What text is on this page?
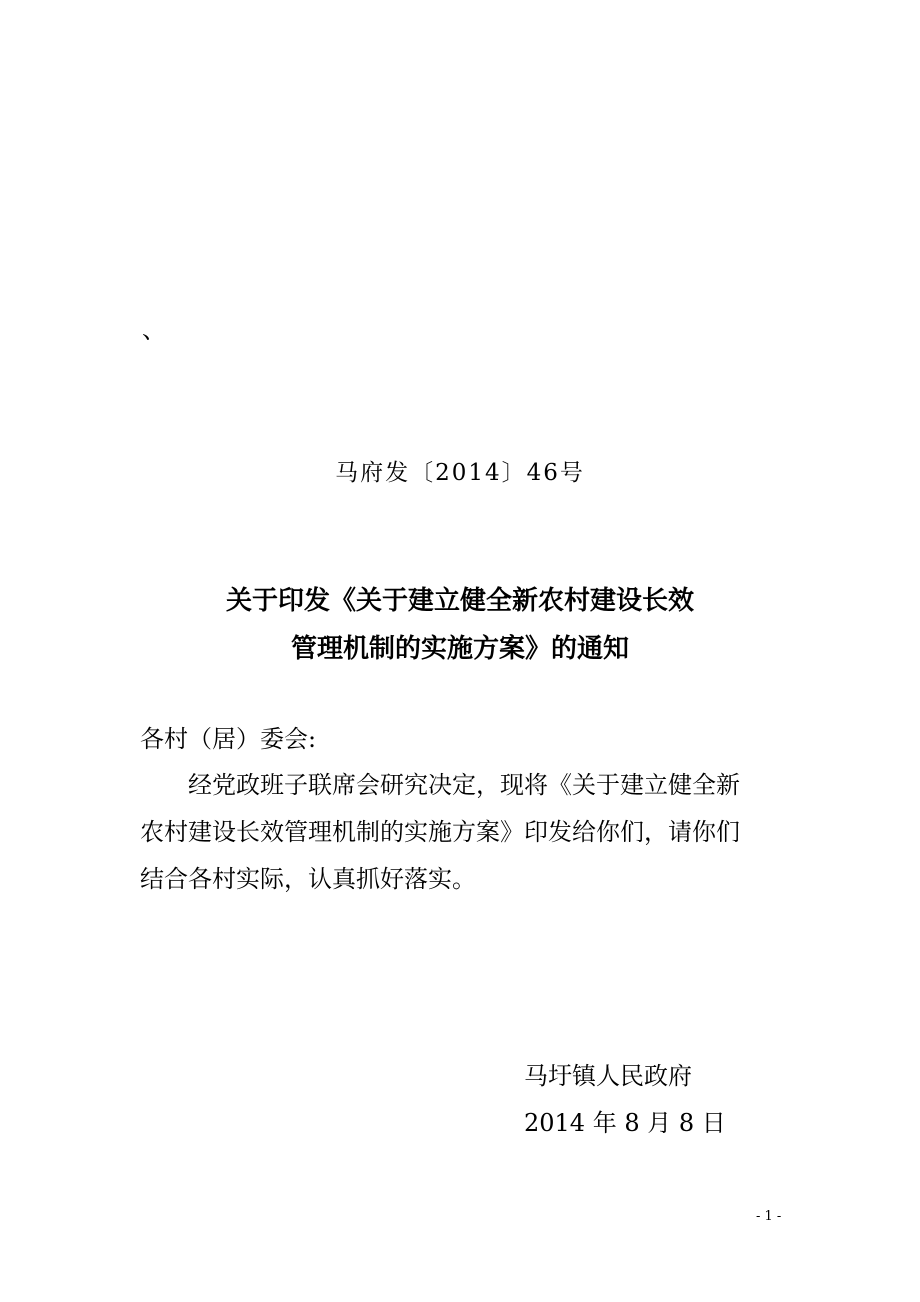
、
马府发〔2014〕46号
关于印发《关于建立健全新农村建设长效
管理机制的实施方案》的通知
各村（居）委会:
经党政班子联席会研究决定，现将《关于建立健全新
农村建设长效管理机制的实施方案》印发给你们，请你们
结合各村实际，认真抓好落实。
马圩镇人民政府
2014 年 8 月 8 日
- 1 -
